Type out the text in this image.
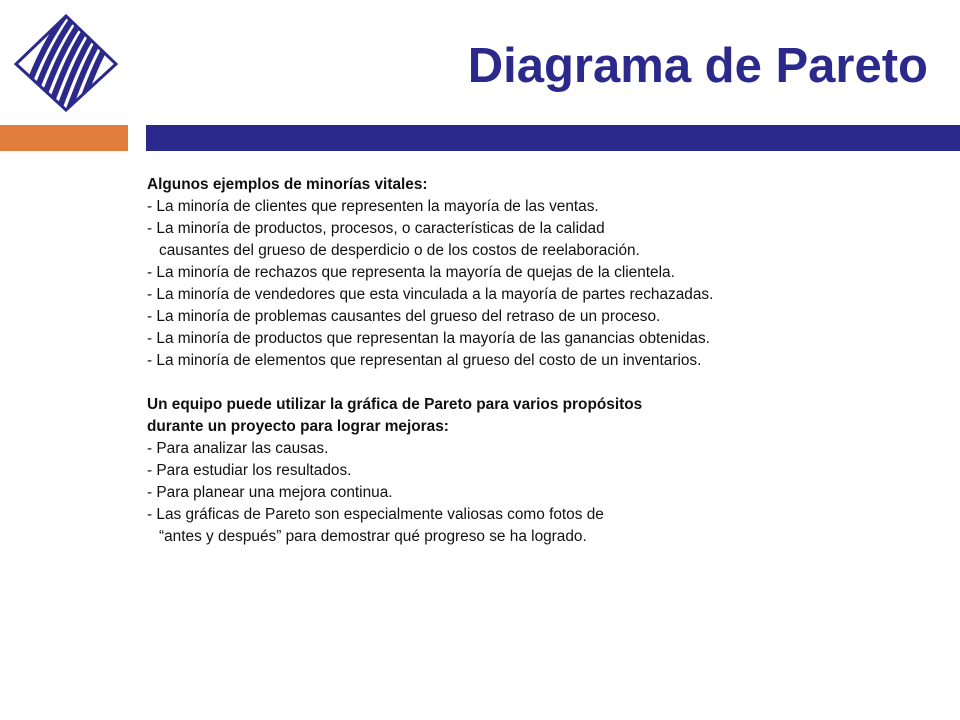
Diagrama de Pareto

Algunos ejemplos de minorías vitales:

- La minoría de clientes que representen la mayoría de las ventas.

- La minoría de productos, procesos, o características de la calidad

causantes del grueso de desperdicio o de los costos de reelaboración.

- La minoría de rechazos que representa la mayoría de quejas de la clientela.

- La minoría de vendedores que esta vinculada a la mayoría de partes rechazadas.

- La minoría de problemas causantes del grueso del retraso de un proceso.

- La minoría de productos que representan la mayoría de las ganancias obtenidas.

- La minoría de elementos que representan al grueso del costo de un inventarios.

Un equipo puede utilizar la gráfica de Pareto para varios propósitos

durante un proyecto para lograr mejoras:

- Para analizar las causas.

- Para estudiar los resultados.

- Para planear una mejora continua.

- Las gráficas de Pareto son especialmente valiosas como fotos de

“antes y después” para demostrar qué progreso se ha logrado.
